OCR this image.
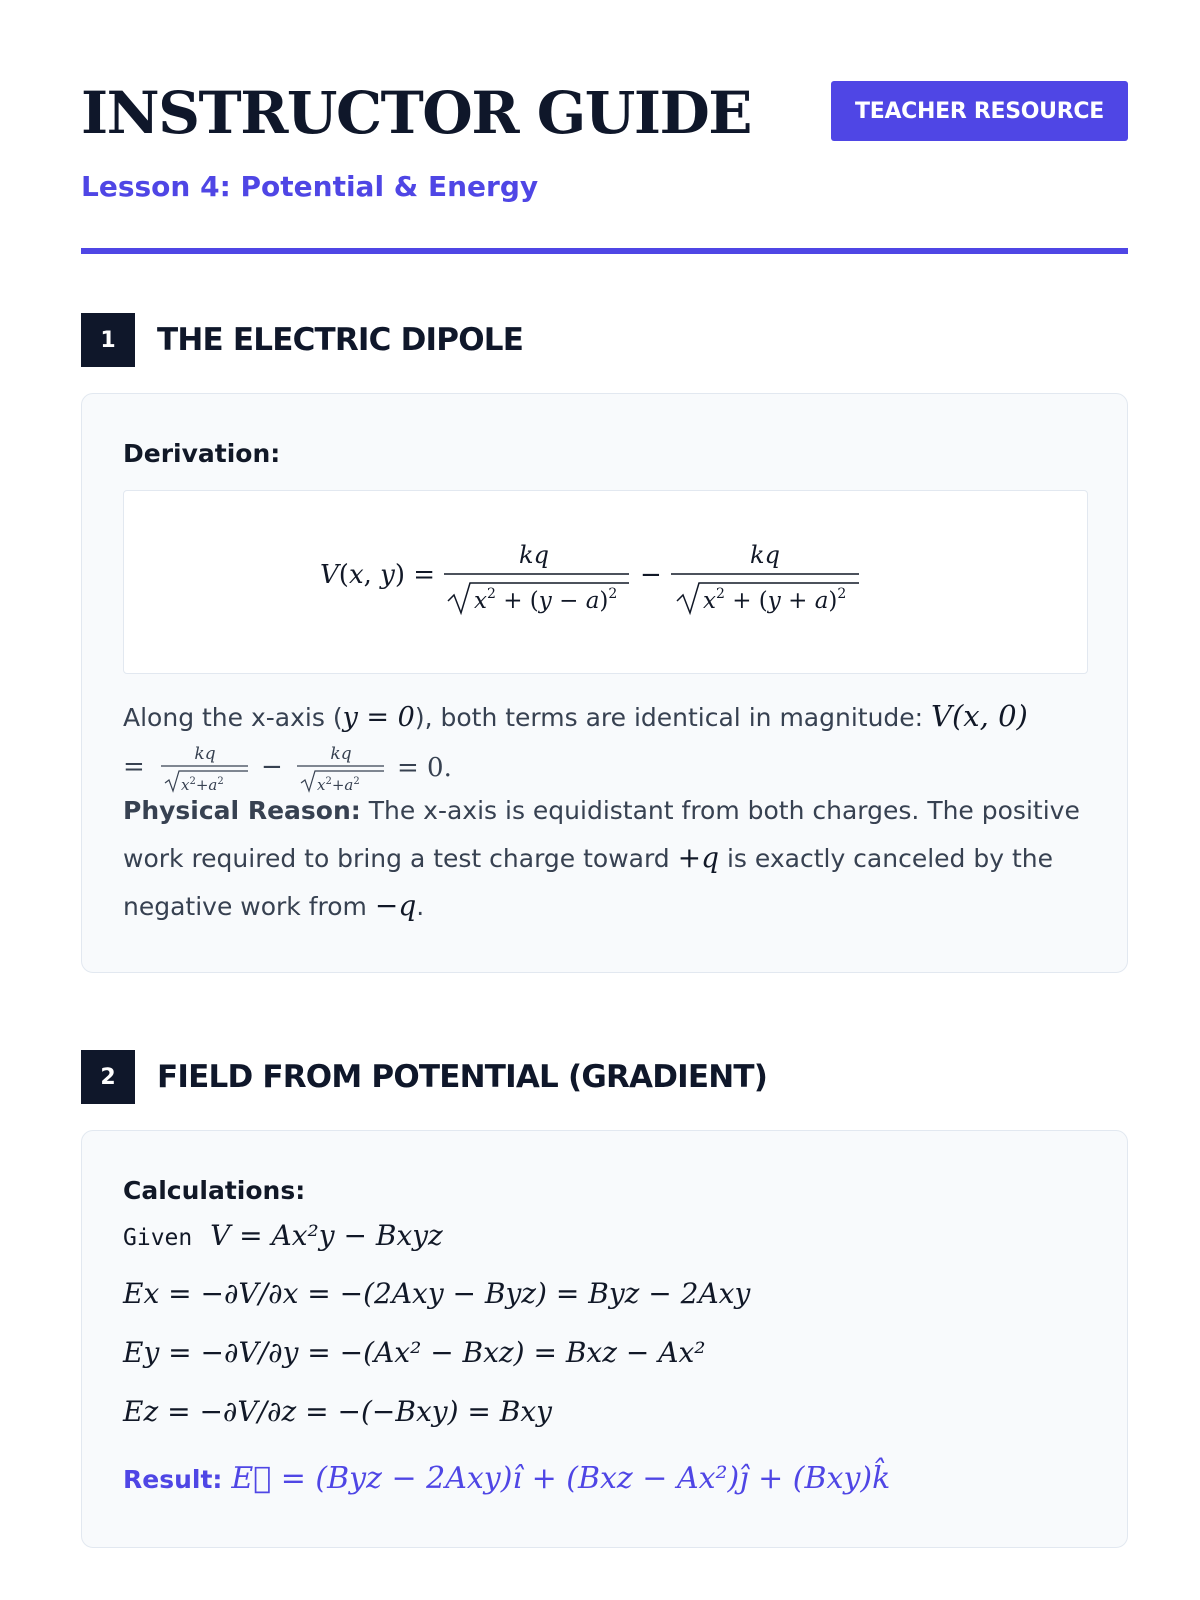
INSTRUCTOR GUIDE
Lesson 4: Potential & Energy
TEACHER RESOURCE
1	THE ELECTRIC DIPOLE
Derivation:
V(x, y) =
kq
$x^2 + (y - a)^2$
−
kq
$x^2 + (y + a)^2$
Along the x-axis (y = 0), both terms are identical in magnitude: V(x, 0)
=	kq
$x^2+a^2$ −	kq
$x^2+a^2 = 0$.
Physical Reason: The x-axis is equidistant from both charges. The positive
work required to bring a test charge toward +q is exactly canceled by the
negative work from −q.
2	FIELD FROM POTENTIAL (GRADIENT)
Calculations:
Given V = Ax²y − Bxyz
Ex = −∂V/∂x = −(2Axy − Byz) = Byz − 2Axy
Ey = −∂V/∂y = −(Ax² − Bxz) = Bxz − Ax²
Ez = −∂V/∂z = −(−Bxy) = Bxy
Result: E⃗ = (Byz − 2Axy)î + (Bxz − Ax²)ĵ + (Bxy)k̂
